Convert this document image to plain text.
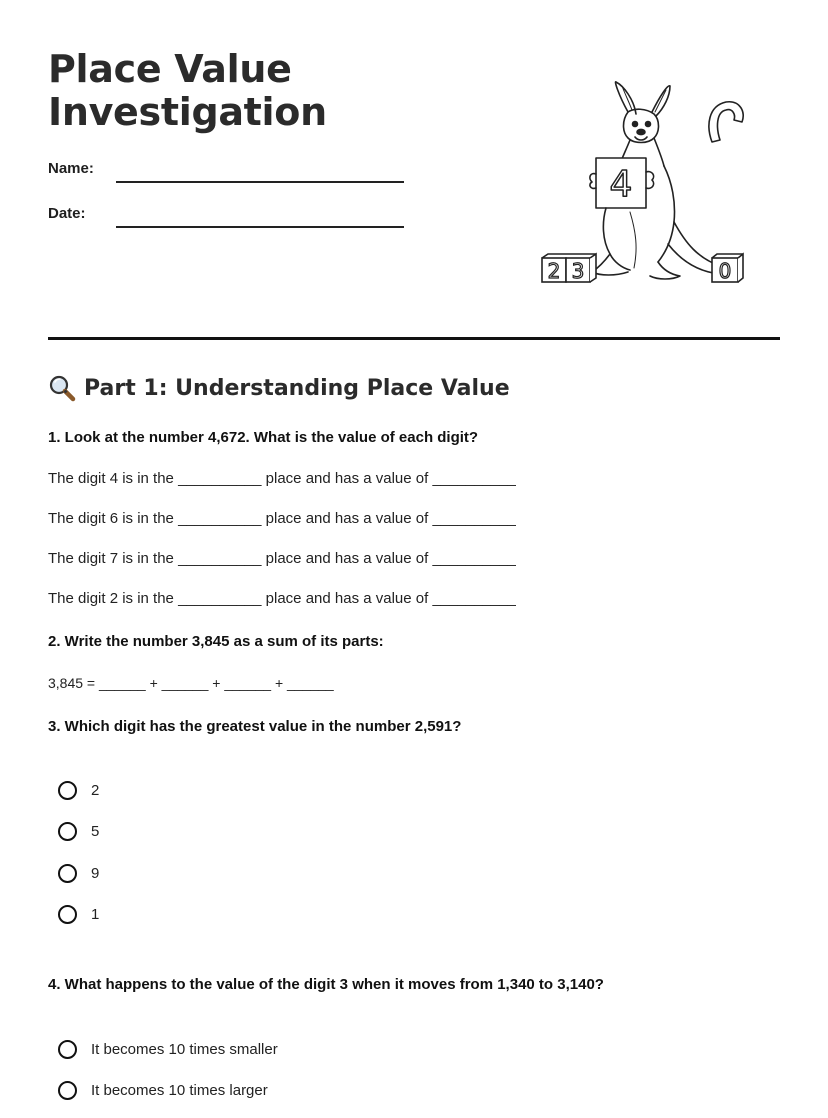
Place Value Investigation
Name:
Date:
4
2 3	0
Part 1: Understanding Place Value
1. Look at the number 4,672. What is the value of each digit?
The digit 4 is in the __________ place and has a value of __________
The digit 6 is in the __________ place and has a value of __________
The digit 7 is in the __________ place and has a value of __________
The digit 2 is in the __________ place and has a value of __________
2. Write the number 3,845 as a sum of its parts:
3,845 = ______ + ______ + ______ + ______
3. Which digit has the greatest value in the number 2,591?
2
5
9
1
4. What happens to the value of the digit 3 when it moves from 1,340 to 3,140?
It becomes 10 times smaller
It becomes 10 times larger
